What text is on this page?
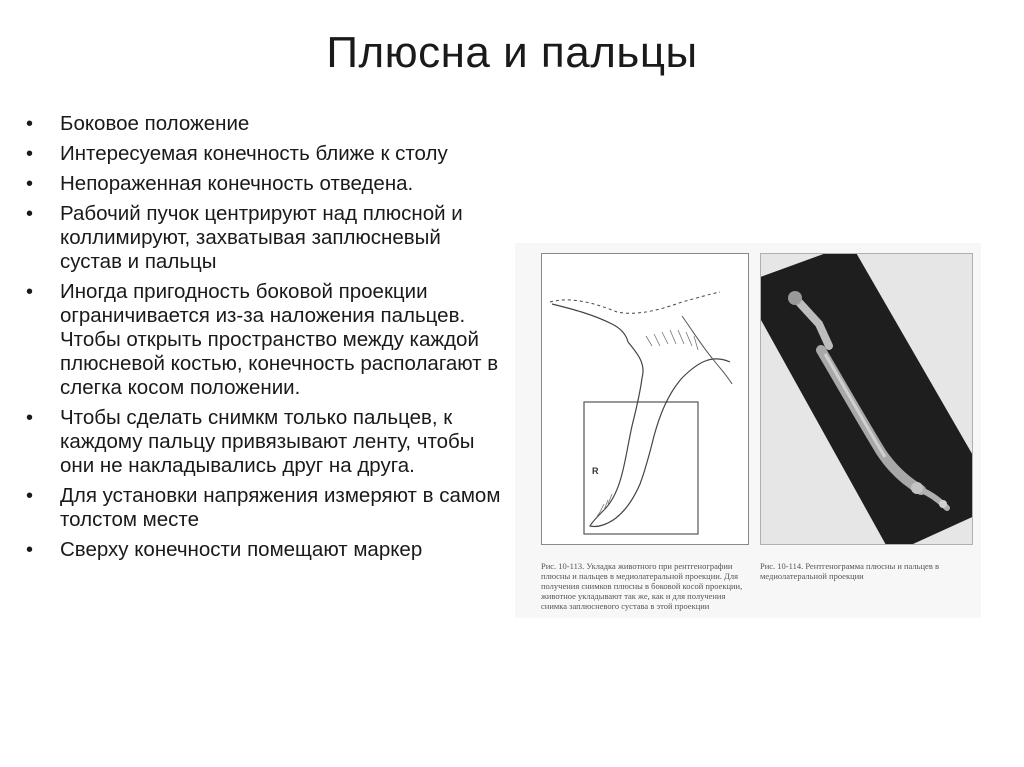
Плюсна и пальцы
• Боковое положение
• Интересуемая конечность ближе к столу
• Непораженная конечность отведена.
• Рабочий пучок центрируют над плюсной и коллимируют, захватывая заплюсневый сустав и пальцы
• Иногда пригодность боковой проекции ограничивается из-за наложения пальцев. Чтобы открыть пространство между каждой плюсневой костью, конечность располагают в слегка косом положении.
• Чтобы сделать снимкм только пальцев, к каждому пальцу привязывают ленту, чтобы они не накладывались друг на друга.
• Для установки напряжения измеряют в самом толстом месте
• Сверху конечности помещают маркер
R
Рис. 10-113. Укладка животного при рентгенографии плюсны и пальцев в медиолатеральной проекции. Для получения снимков плюсны в боковой косой проекции, животное укладывают так же, как и для получения снимка заплюсневого сустава в этой проекции
Рис. 10-114. Рентгенограмма плюсны и пальцев в медиолатеральной проекции
